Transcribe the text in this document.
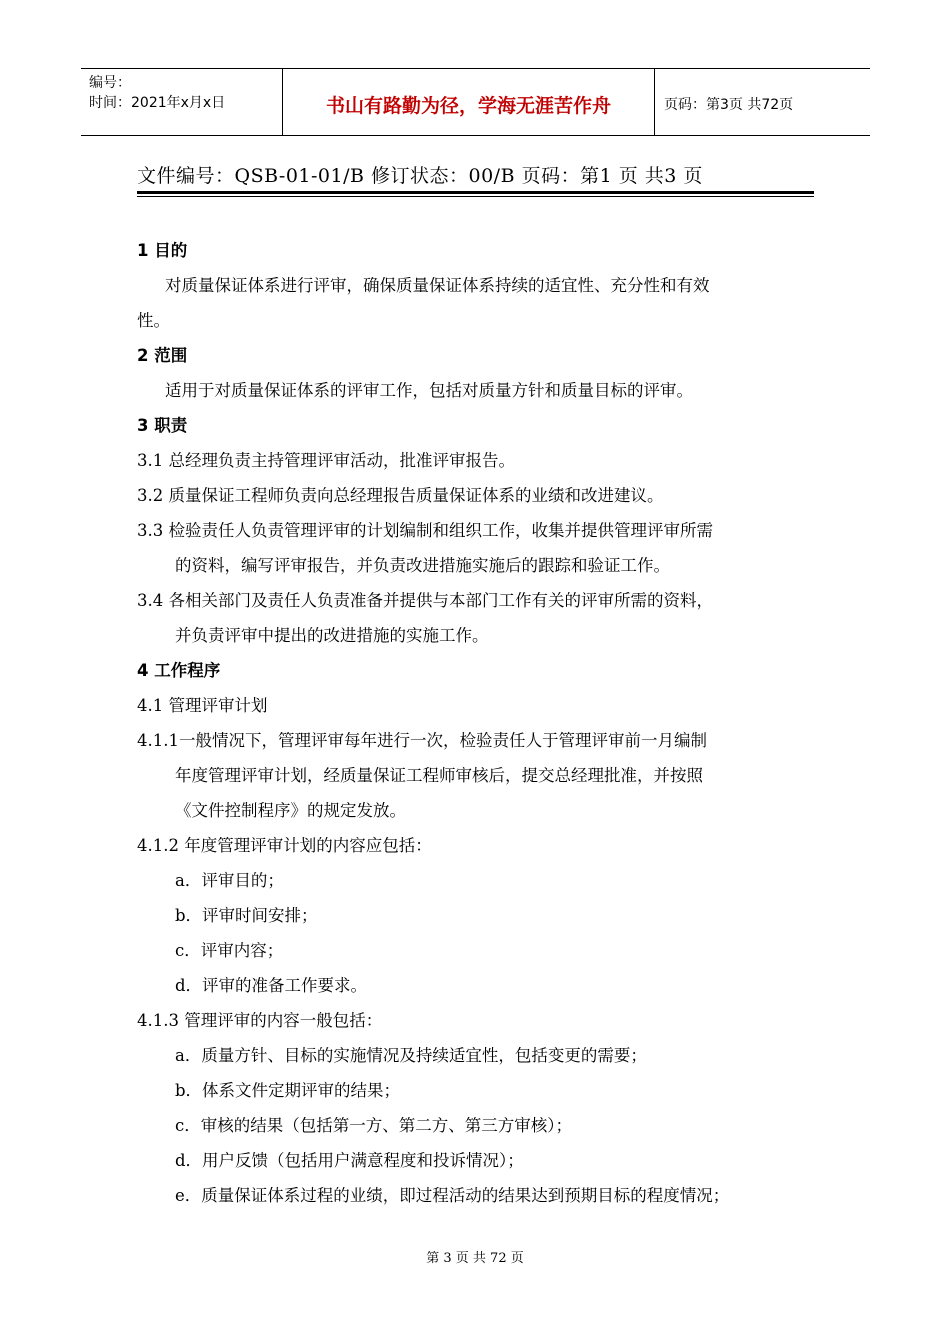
编号：
时间：2021年x月x日	书山有路勤为径，学海无涯苦作舟	页码：第3页 共72页
文件编号：QSB-01-01/B 修订状态：00/B 页码：第1 页 共3 页
1 目的
对质量保证体系进行评审，确保质量保证体系持续的适宜性、充分性和有效
性。
2 范围
适用于对质量保证体系的评审工作，包括对质量方针和质量目标的评审。
3 职责
3.1 总经理负责主持管理评审活动，批准评审报告。
3.2 质量保证工程师负责向总经理报告质量保证体系的业绩和改进建议。
3.3 检验责任人负责管理评审的计划编制和组织工作，收集并提供管理评审所需
的资料，编写评审报告，并负责改进措施实施后的跟踪和验证工作。
3.4 各相关部门及责任人负责准备并提供与本部门工作有关的评审所需的资料，
并负责评审中提出的改进措施的实施工作。
4 工作程序
4.1 管理评审计划
4.1.1一般情况下，管理评审每年进行一次，检验责任人于管理评审前一月编制
年度管理评审计划，经质量保证工程师审核后，提交总经理批准，并按照
《文件控制程序》的规定发放。
4.1.2 年度管理评审计划的内容应包括：
a．评审目的；
b．评审时间安排；
c．评审内容；
d．评审的准备工作要求。
4.1.3 管理评审的内容一般包括：
a．质量方针、目标的实施情况及持续适宜性，包括变更的需要；
b．体系文件定期评审的结果；
c．审核的结果（包括第一方、第二方、第三方审核）；
d．用户反馈（包括用户满意程度和投诉情况）；
e．质量保证体系过程的业绩，即过程活动的结果达到预期目标的程度情况；
第 3 页 共 72 页
